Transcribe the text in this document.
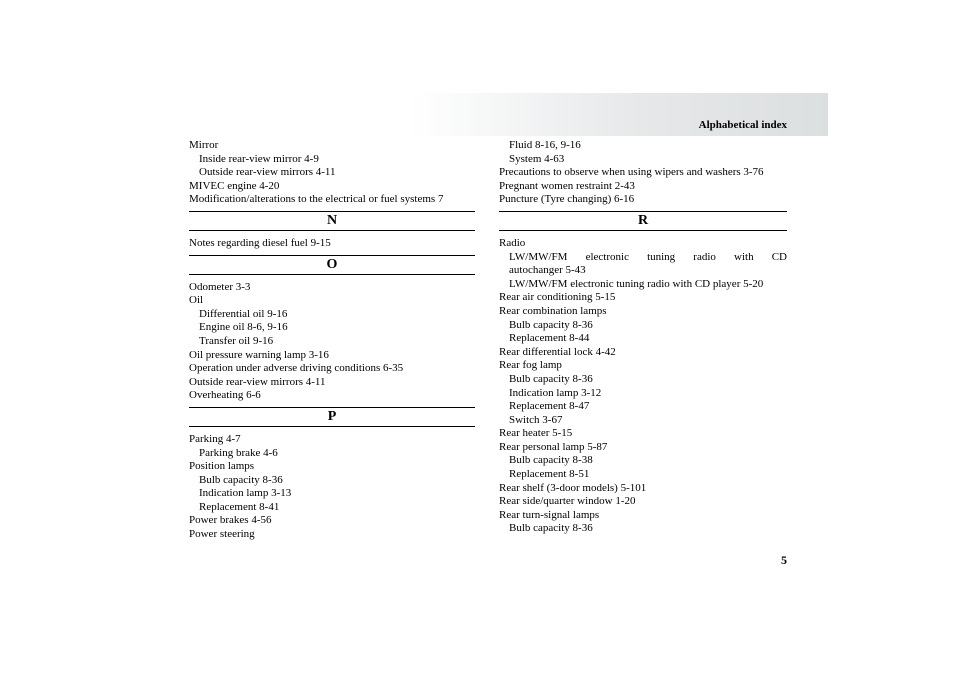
Alphabetical index
Mirror
Inside rear-view mirror 4-9
Outside rear-view mirrors 4-11
MIVEC engine 4-20
Modification/alterations to the electrical or fuel systems 7
N
Notes regarding diesel fuel 9-15
O
Odometer 3-3
Oil
Differential oil 9-16
Engine oil 8-6, 9-16
Transfer oil 9-16
Oil pressure warning lamp 3-16
Operation under adverse driving conditions 6-35
Outside rear-view mirrors 4-11
Overheating 6-6
P
Parking 4-7
Parking brake 4-6
Position lamps
Bulb capacity 8-36
Indication lamp 3-13
Replacement 8-41
Power brakes 4-56
Power steering
Fluid 8-16, 9-16
System 4-63
Precautions to observe when using wipers and washers 3-76
Pregnant women restraint 2-43
Puncture (Tyre changing) 6-16
R
Radio
LW/MW/FM electronic tuning radio with CD
autochanger 5-43
LW/MW/FM electronic tuning radio with CD player 5-20
Rear air conditioning 5-15
Rear combination lamps
Bulb capacity 8-36
Replacement 8-44
Rear differential lock 4-42
Rear fog lamp
Bulb capacity 8-36
Indication lamp 3-12
Replacement 8-47
Switch 3-67
Rear heater 5-15
Rear personal lamp 5-87
Bulb capacity 8-38
Replacement 8-51
Rear shelf (3-door models) 5-101
Rear side/quarter window 1-20
Rear turn-signal lamps
Bulb capacity 8-36
5
